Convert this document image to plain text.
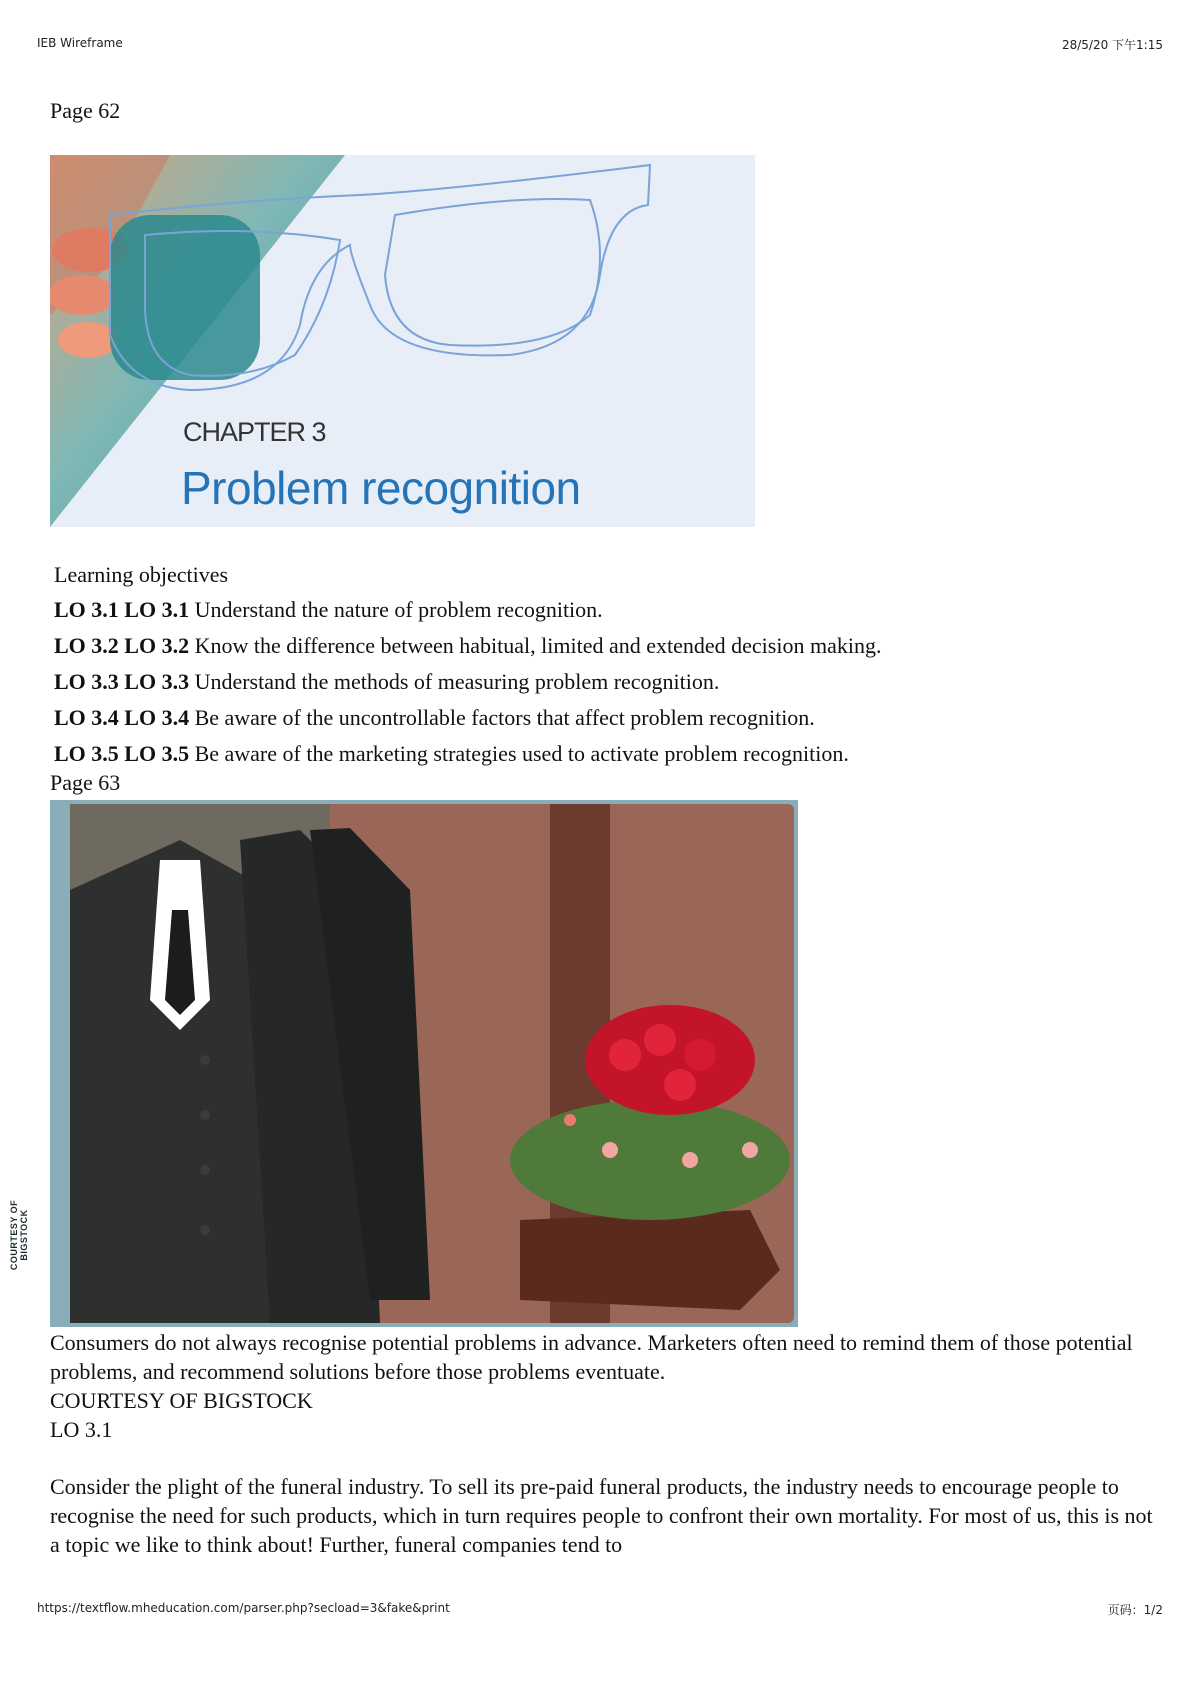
IEB Wireframe	28/5/20 下午1:15
Page 62
CHAPTER 3
Problem recognition
Learning objectives
LO 3.1 LO 3.1 Understand the nature of problem recognition.
LO 3.2 LO 3.2 Know the difference between habitual, limited and extended decision making.
LO 3.3 LO 3.3 Understand the methods of measuring problem recognition.
LO 3.4 LO 3.4 Be aware of the uncontrollable factors that affect problem recognition.
LO 3.5 LO 3.5 Be aware of the marketing strategies used to activate problem recognition.
Page 63
COURTESY OF BIGSTOCK

Consumers do not always recognise potential problems in advance. Marketers often need to remind them of those potential problems, and recommend solutions before those problems eventuate.

COURTESY OF BIGSTOCK

LO 3.1

Consider the plight of the funeral industry. To sell its pre-paid funeral products, the industry needs to encourage people to recognise the need for such products, which in turn requires people to confront their own mortality. For most of us, this is not a topic we like to think about! Further, funeral companies tend to

https://textflow.mheducation.com/parser.php?secload=3&fake&print	页码：1/2
